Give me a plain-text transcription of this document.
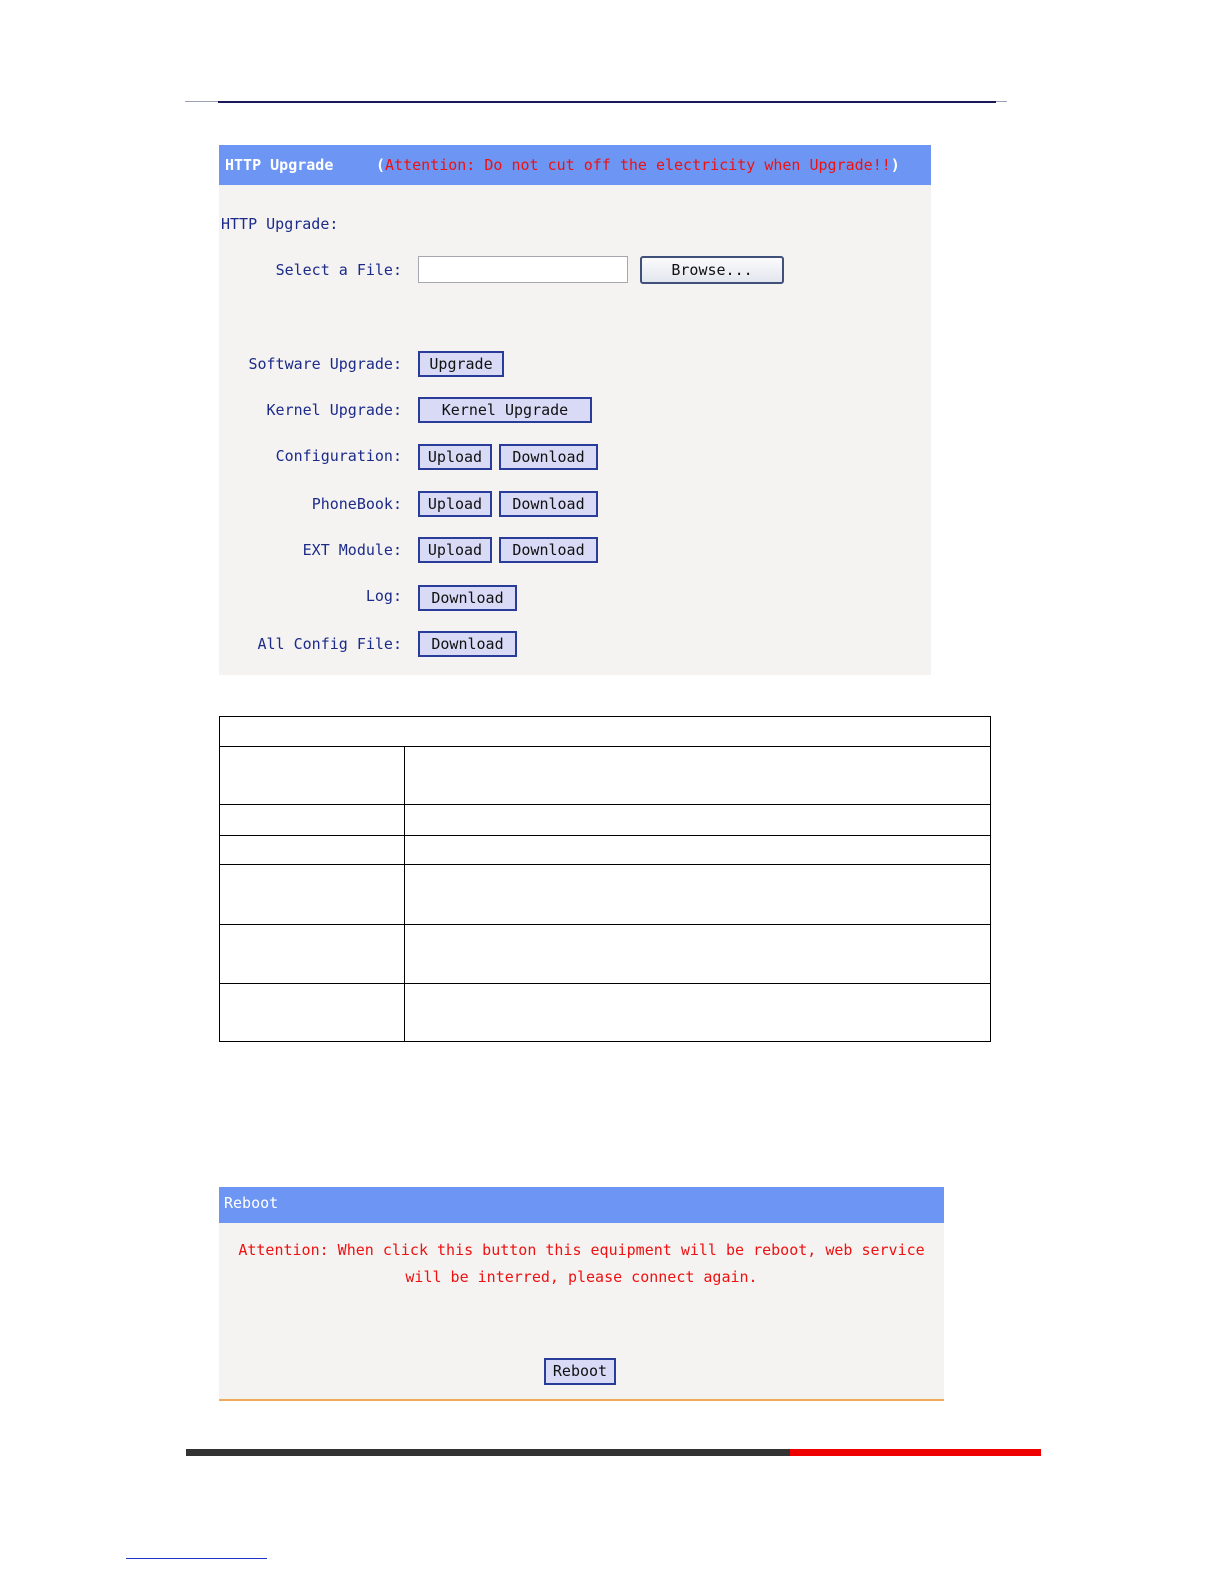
HTTP Upgrade	(Attention: Do not cut off the electricity when Upgrade!!)
HTTP Upgrade:
Select a File:	Browse...
Software Upgrade:	Upgrade
Kernel Upgrade:	Kernel Upgrade
Configuration:	Upload	Download
PhoneBook:	Upload	Download
EXT Module:	Upload	Download
Log:	Download
All Config File:	Download
Reboot
Attention: When click this button this equipment will be reboot, web service
will be interred, please connect again.
Reboot
